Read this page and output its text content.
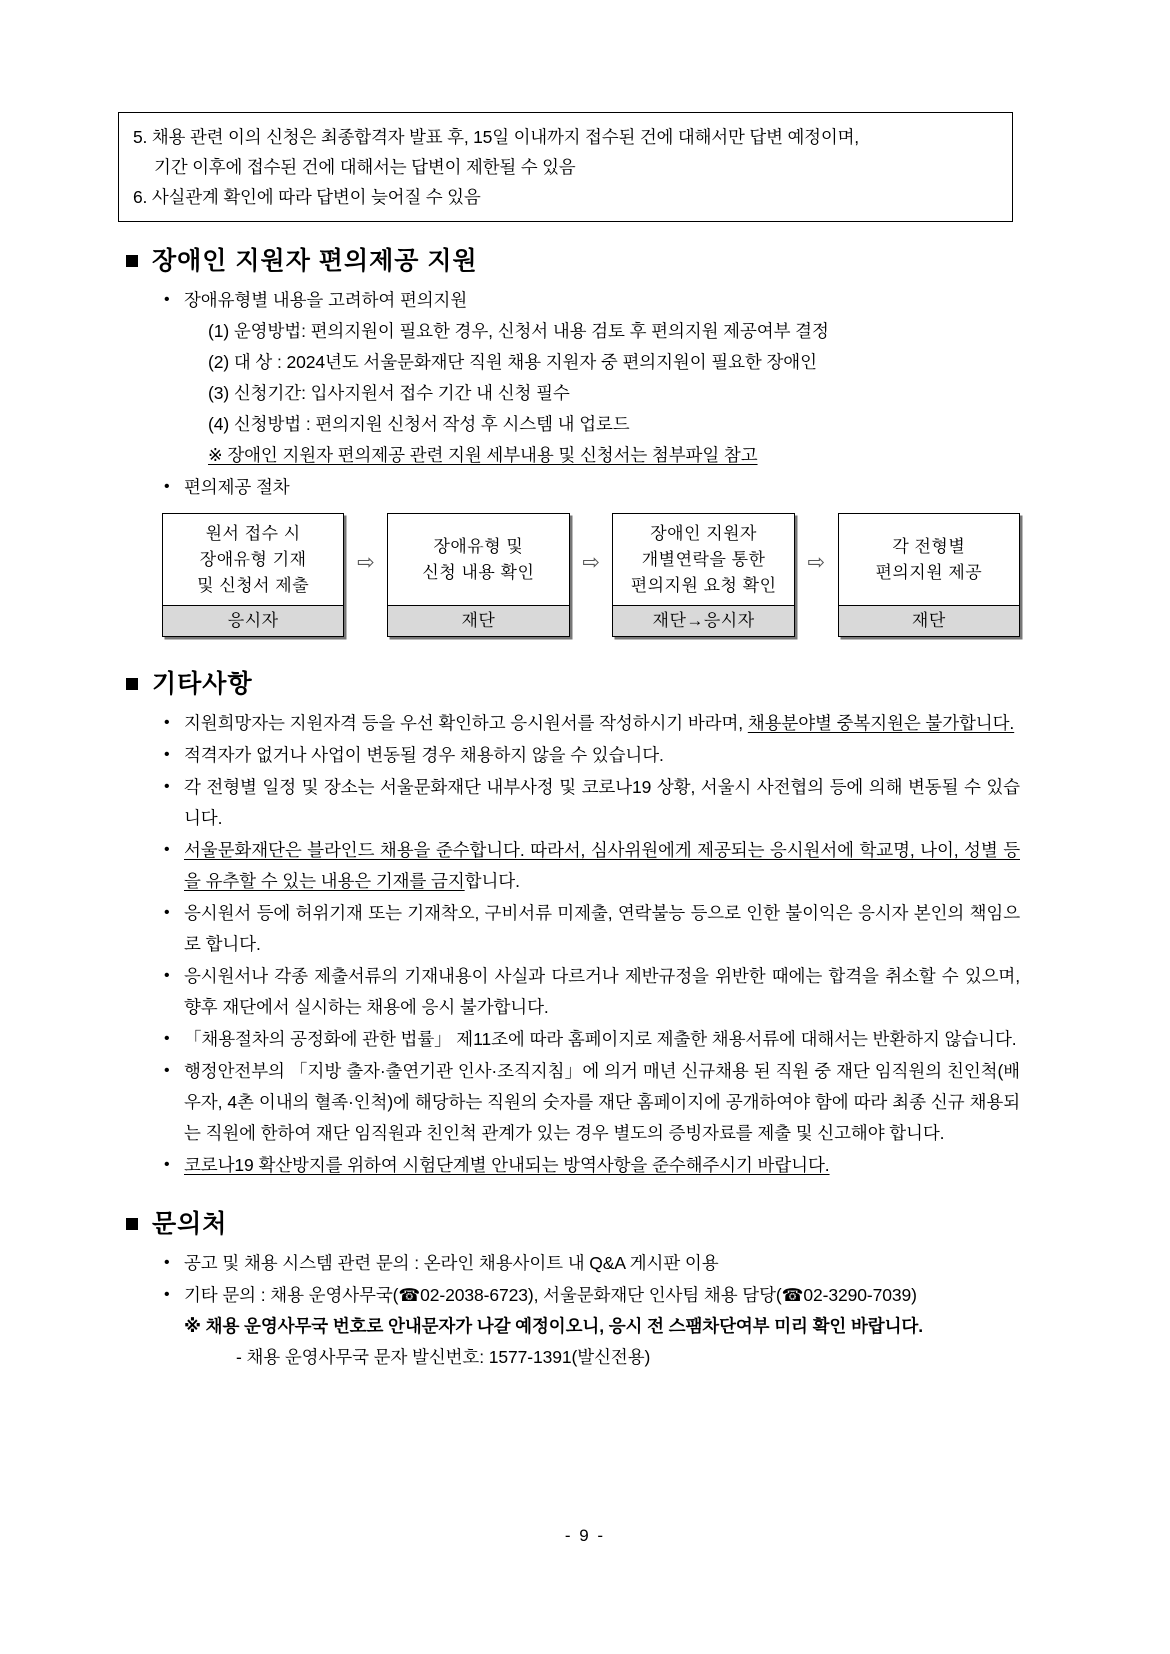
5. 채용 관련 이의 신청은 최종합격자 발표 후, 15일 이내까지 접수된 건에 대해서만 답변 예정이며,
기간 이후에 접수된 건에 대해서는 답변이 제한될 수 있음
6. 사실관계 확인에 따라 답변이 늦어질 수 있음
장애인 지원자 편의제공 지원
• 장애유형별 내용을 고려하여 편의지원
(1) 운영방법: 편의지원이 필요한 경우, 신청서 내용 검토 후 편의지원 제공여부 결정
(2) 대 상 : 2024년도 서울문화재단 직원 채용 지원자 중 편의지원이 필요한 장애인
(3) 신청기간: 입사지원서 접수 기간 내 신청 필수
(4) 신청방법 : 편의지원 신청서 작성 후 시스템 내 업로드
※ 장애인 지원자 편의제공 관련 지원 세부내용 및 신청서는 첨부파일 참고
• 편의제공 절차
원서 접수 시
장애유형 기재
및 신청서 제출
응시자
⇨
장애유형 및
신청 내용 확인
재단
⇨
장애인 지원자
개별연락을 통한
편의지원 요청 확인
재단→응시자
⇨
각 전형별
편의지원 제공
재단
기타사항
• 지원희망자는 지원자격 등을 우선 확인하고 응시원서를 작성하시기 바라며, 채용분야별 중복지원은 불가합니다.
• 적격자가 없거나 사업이 변동될 경우 채용하지 않을 수 있습니다.
• 각 전형별 일정 및 장소는 서울문화재단 내부사정 및 코로나19 상황, 서울시 사전협의 등에 의해 변동될 수 있습니다.
• 서울문화재단은 블라인드 채용을 준수합니다. 따라서, 심사위원에게 제공되는 응시원서에 학교명, 나이, 성별 등을 유추할 수 있는 내용은 기재를 금지합니다.
• 응시원서 등에 허위기재 또는 기재착오, 구비서류 미제출, 연락불능 등으로 인한 불이익은 응시자 본인의 책임으로 합니다.
• 응시원서나 각종 제출서류의 기재내용이 사실과 다르거나 제반규정을 위반한 때에는 합격을 취소할 수 있으며, 향후 재단에서 실시하는 채용에 응시 불가합니다.
• 「채용절차의 공정화에 관한 법률」 제11조에 따라 홈페이지로 제출한 채용서류에 대해서는 반환하지 않습니다.
• 행정안전부의 「지방 출자·출연기관 인사·조직지침」에 의거 매년 신규채용 된 직원 중 재단 임직원의 친인척(배우자, 4촌 이내의 혈족·인척)에 해당하는 직원의 숫자를 재단 홈페이지에 공개하여야 함에 따라 최종 신규 채용되는 직원에 한하여 재단 임직원과 친인척 관계가 있는 경우 별도의 증빙자료를 제출 및 신고해야 합니다.
• 코로나19 확산방지를 위하여 시험단계별 안내되는 방역사항을 준수해주시기 바랍니다.
문의처
• 공고 및 채용 시스템 관련 문의 : 온라인 채용사이트 내 Q&A 게시판 이용
• 기타 문의 : 채용 운영사무국(☎02-2038-6723), 서울문화재단 인사팀 채용 담당(☎02-3290-7039)
※ 채용 운영사무국 번호로 안내문자가 나갈 예정이오니, 응시 전 스팸차단여부 미리 확인 바랍니다.
- 채용 운영사무국 문자 발신번호: 1577-1391(발신전용)
- 9 -
